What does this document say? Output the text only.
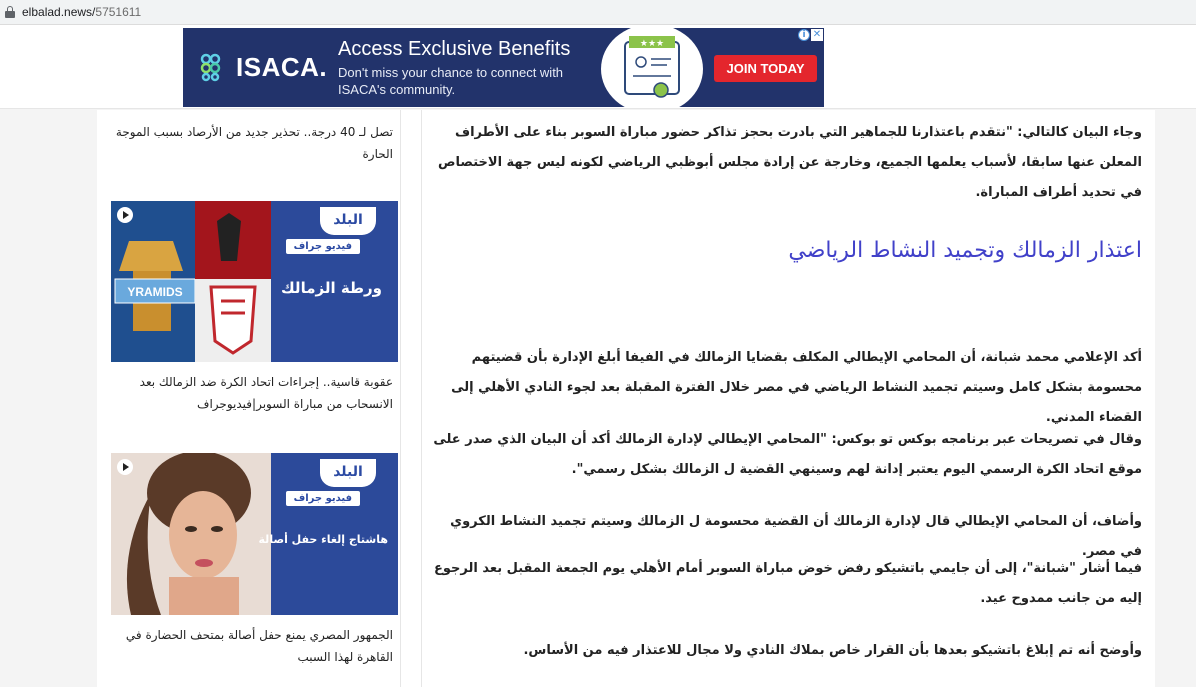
elbalad.news/5751611
ISACA.
Access Exclusive Benefits
Don't miss your chance to connect with ISACA's community.
★★★
JOIN TODAY
i ✕
تصل لـ 40 درجة.. تحذير جديد من الأرصاد بسبب الموجة الحارة
YRAMIDS
البلد
فيديو جراف
ورطة الزمالك
عقوبة قاسية.. إجراءات اتحاد الكرة ضد الزمالك بعد الانسحاب من مباراة السوبر|فيديوجراف
البلد
فيديو جراف
هاشتاج إلغاء حفل أصالة
الجمهور المصري يمنع حفل أصالة بمتحف الحضارة في القاهرة لهذا السبب
وجاء البيان كالتالي: "نتقدم باعتذارنا للجماهير التي بادرت بحجز تذاكر حضور مباراة السوبر بناء على الأطراف المعلن عنها سابقا، لأسباب يعلمها الجميع، وخارجة عن إرادة مجلس أبوظبي الرياضي لكونه ليس جهة الاختصاص في تحديد أطراف المباراة.
اعتذار الزمالك وتجميد النشاط الرياضي
أكد الإعلامي محمد شبانة، أن المحامي الإيطالي المكلف بقضايا الزمالك في الفيفا أبلغ الإدارة بأن قضيتهم محسومة بشكل كامل وسيتم تجميد النشاط الرياضي في مصر خلال الفترة المقبلة بعد لجوء النادي الأهلي إلى القضاء المدني.
وقال في تصريحات عبر برنامجه بوكس تو بوكس: "المحامي الإيطالي لإدارة الزمالك أكد أن البيان الذي صدر على موقع اتحاد الكرة الرسمي اليوم يعتبر إدانة لهم وسينهي القضية ل الزمالك بشكل رسمي".
وأضاف، أن المحامي الإيطالي قال لإدارة الزمالك أن القضية محسومة ل الزمالك وسيتم تجميد النشاط الكروي في مصر.
فيما أشار "شبانة"، إلى أن جايمي باتشيكو رفض خوض مباراة السوبر أمام الأهلي يوم الجمعة المقبل بعد الرجوع إليه من جانب ممدوح عيد.
وأوضح أنه تم إبلاغ باتشيكو بعدها بأن القرار خاص بملاك النادي ولا مجال للاعتذار فيه من الأساس.
